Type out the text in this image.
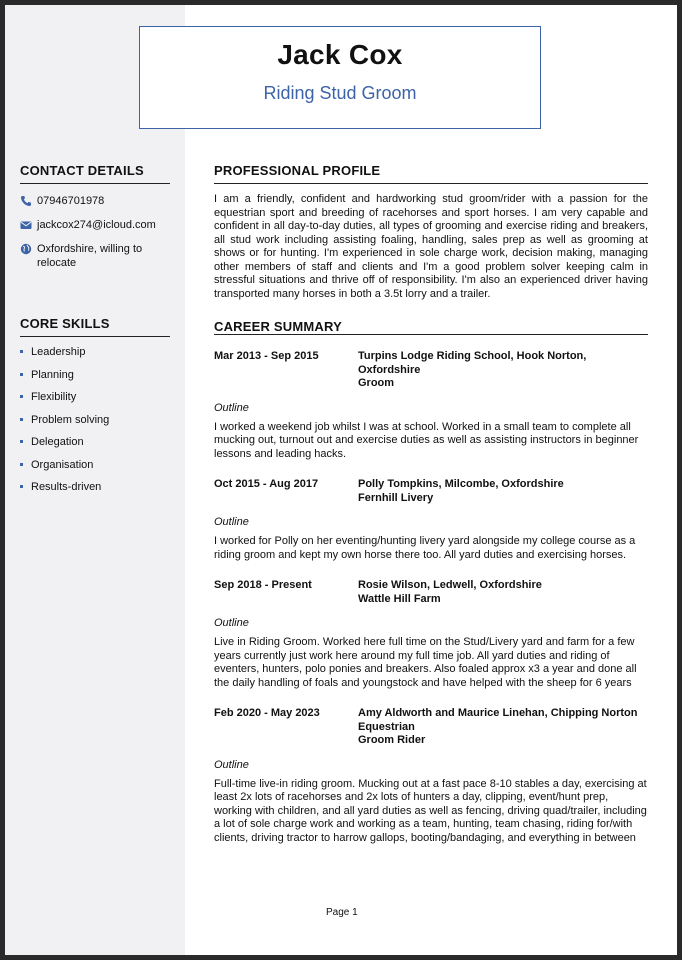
Jack Cox
Riding Stud Groom
CONTACT DETAILS
07946701978
jackcox274@icloud.com
Oxfordshire, willing to
relocate
CORE SKILLS
Leadership
Planning
Flexibility
Problem solving
Delegation
Organisation
Results-driven
PROFESSIONAL PROFILE
I am a friendly, confident and hardworking stud groom/rider with a passion for the equestrian sport and breeding of racehorses and sport horses. I am very capable and confident in all day-to-day duties, all types of grooming and exercise riding and breakers, all stud work including assisting foaling, handling, sales prep as well as grooming at shows or for hunting. I'm experienced in sole charge work, decision making, managing other members of staff and clients and I'm a good problem solver keeping calm in stressful situations and thrive off of responsibility. I'm also an experienced driver having transported many horses in both a 3.5t lorry and a trailer.
CAREER SUMMARY
Mar 2013 - Sep 2015	Turpins Lodge Riding School, Hook Norton, Oxfordshire
Groom
Outline
I worked a weekend job whilst I was at school. Worked in a small team to complete all mucking out, turnout out and exercise duties as well as assisting instructors in beginner lessons and leading hacks.
Oct 2015 - Aug 2017	Polly Tompkins, Milcombe, Oxfordshire
Fernhill Livery
Outline
I worked for Polly on her eventing/hunting livery yard alongside my college course as a riding groom and kept my own horse there too. All yard duties and exercising horses.
Sep 2018 - Present	Rosie Wilson, Ledwell, Oxfordshire
Wattle Hill Farm
Outline
Live in Riding Groom. Worked here full time on the Stud/Livery yard and farm for a few years currently just work here around my full time job. All yard duties and riding of eventers, hunters, polo ponies and breakers. Also foaled approx x3 a year and done all the daily handling of foals and youngstock and have helped with the sheep for 6 years
Feb 2020 - May 2023	Amy Aldworth and Maurice Linehan, Chipping Norton
Equestrian
Groom Rider
Outline
Full-time live-in riding groom. Mucking out at a fast pace 8-10 stables a day, exercising at least 2x lots of racehorses and 2x lots of hunters a day, clipping, event/hunt prep, working with children, and all yard duties as well as fencing, driving quad/trailer, including a lot of sole charge work and working as a team, hunting, team chasing, riding for/with clients, driving tractor to harrow gallops, booting/bandaging, and everything in between
Page 1
